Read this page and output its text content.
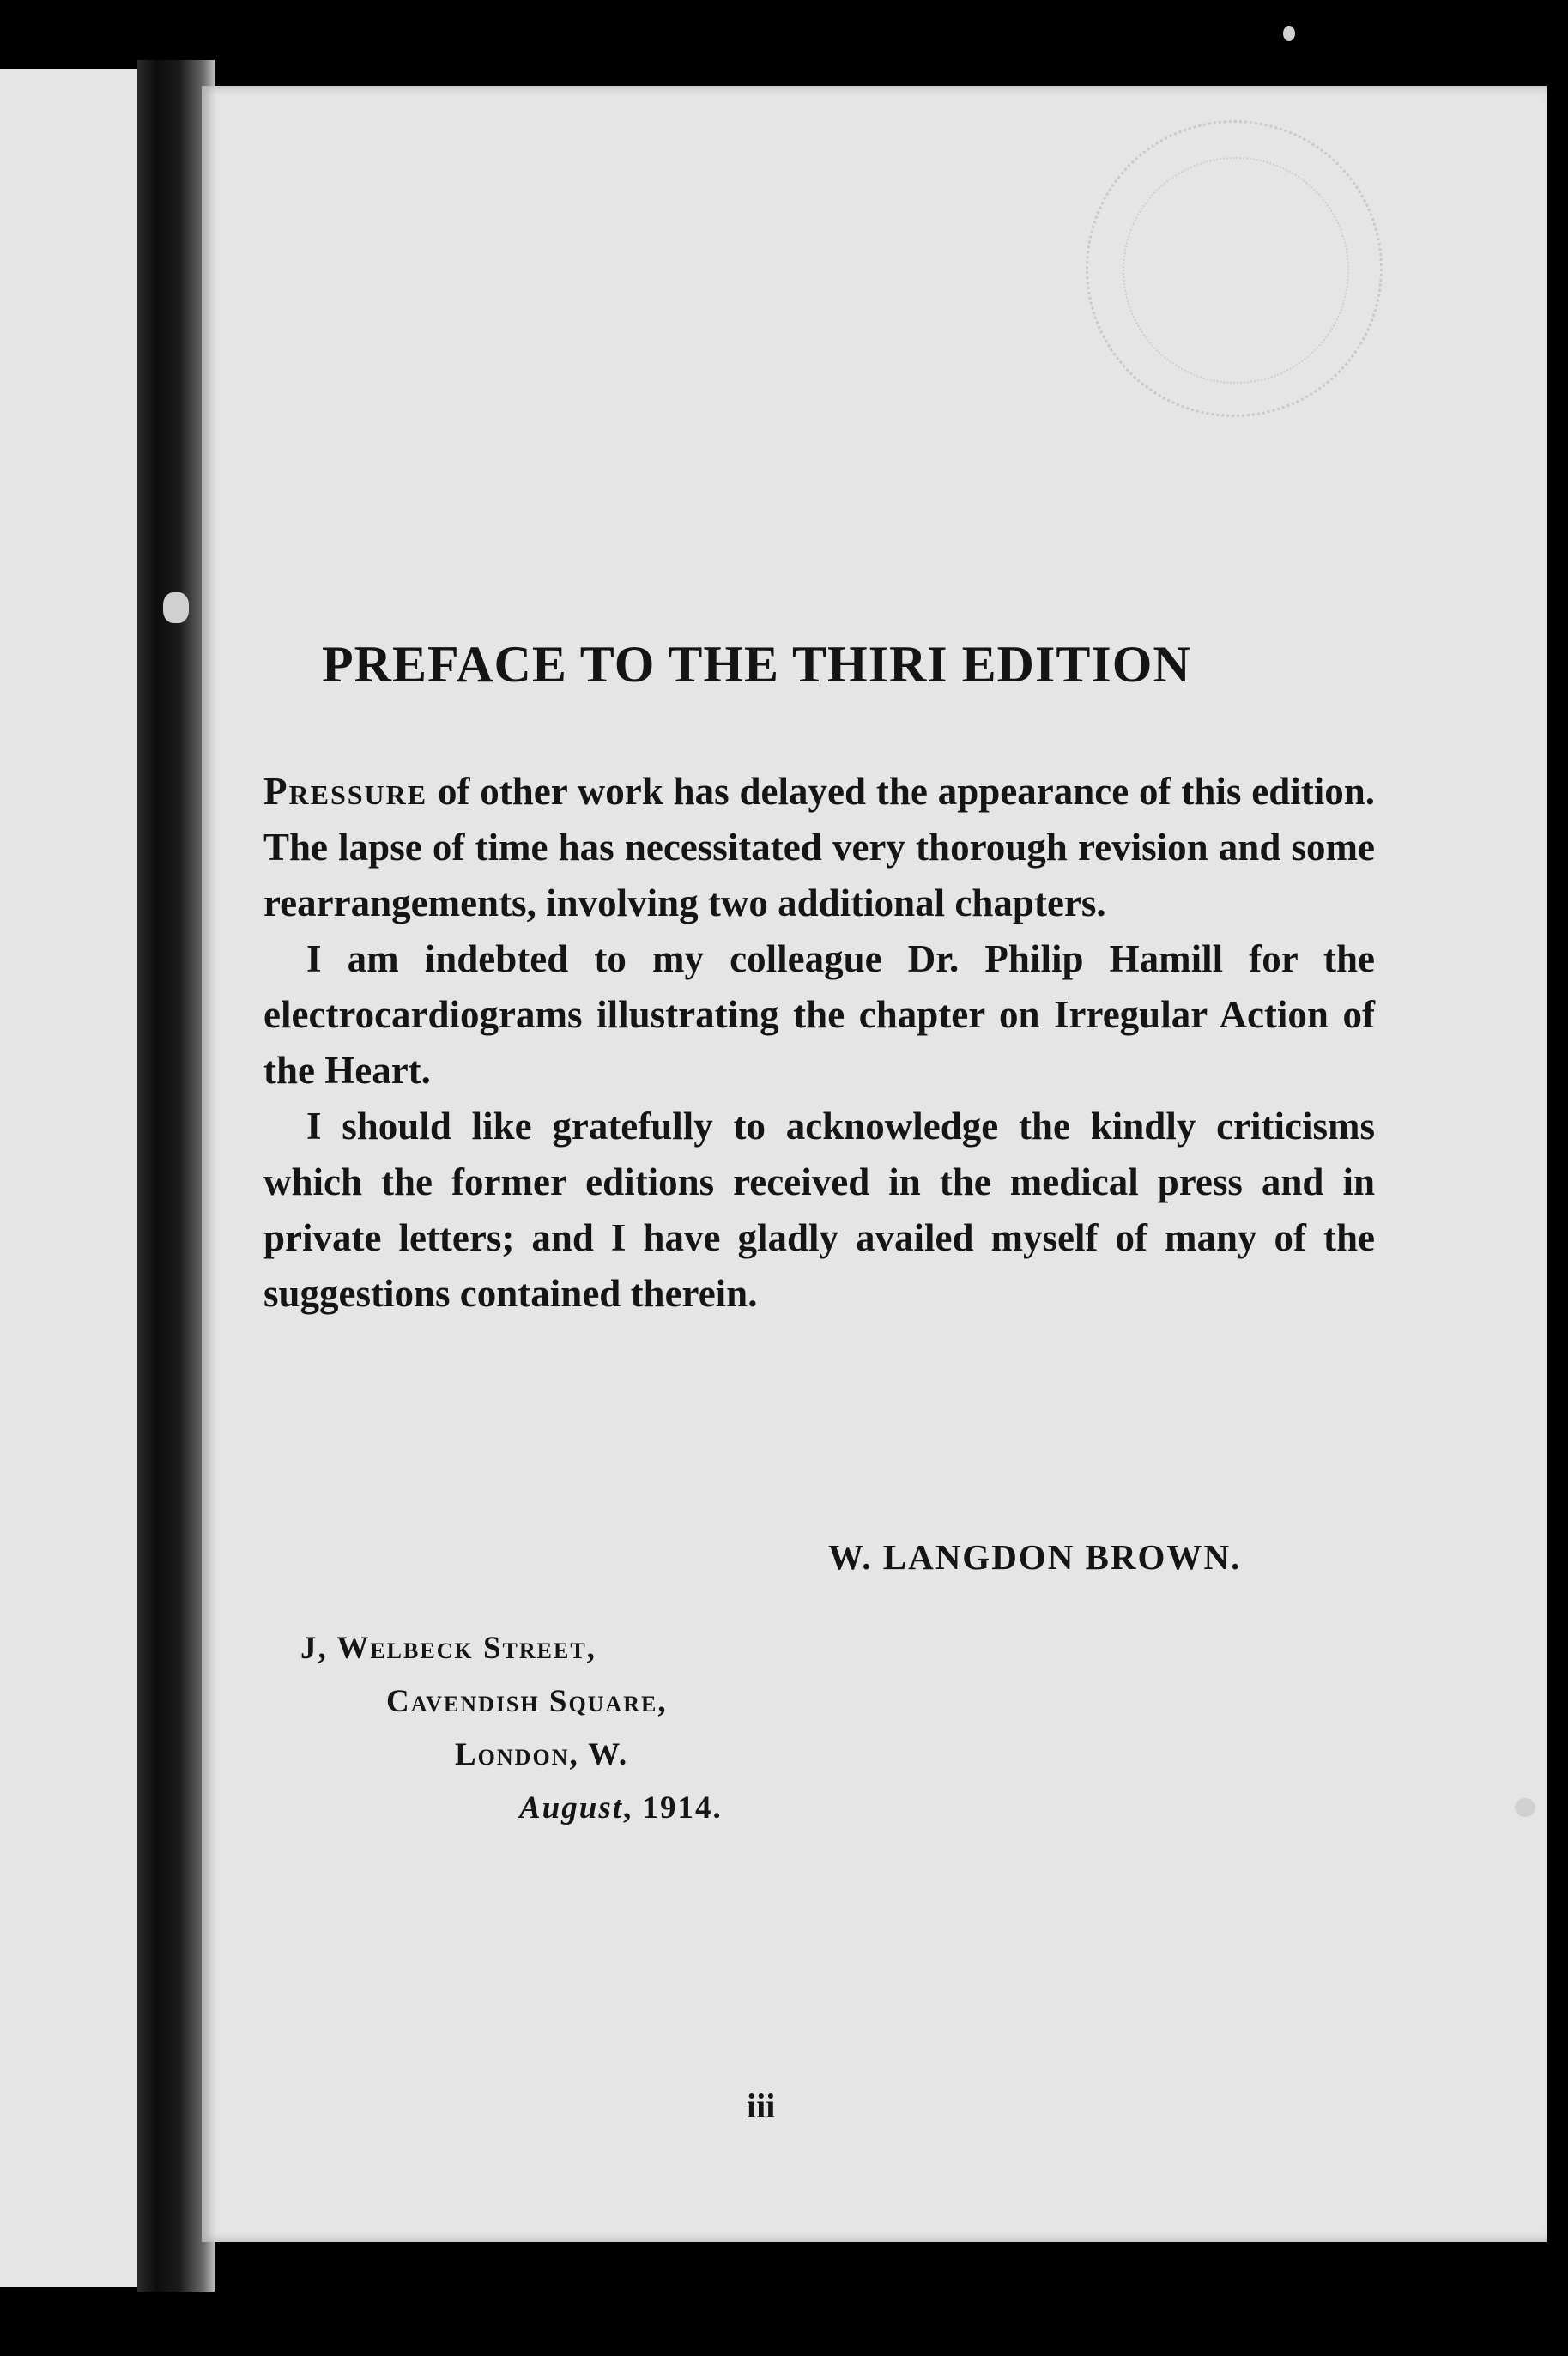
PREFACE TO THE THIRI EDITION

Pressure of other work has delayed the appearance of this edition. The lapse of time has necessitated very thorough revision and some rearrangements, involving two additional chapters.

I am indebted to my colleague Dr. Philip Hamill for the electrocardiograms illustrating the chapter on Irregular Action of the Heart.

I should like gratefully to acknowledge the kindly criticisms which the former editions received in the medical press and in private letters; and I have gladly availed myself of many of the suggestions contained therein.

W. LANGDON BROWN.
J, Welbeck Street,
Cavendish Square,
London, W.
August, 1914.
iii
